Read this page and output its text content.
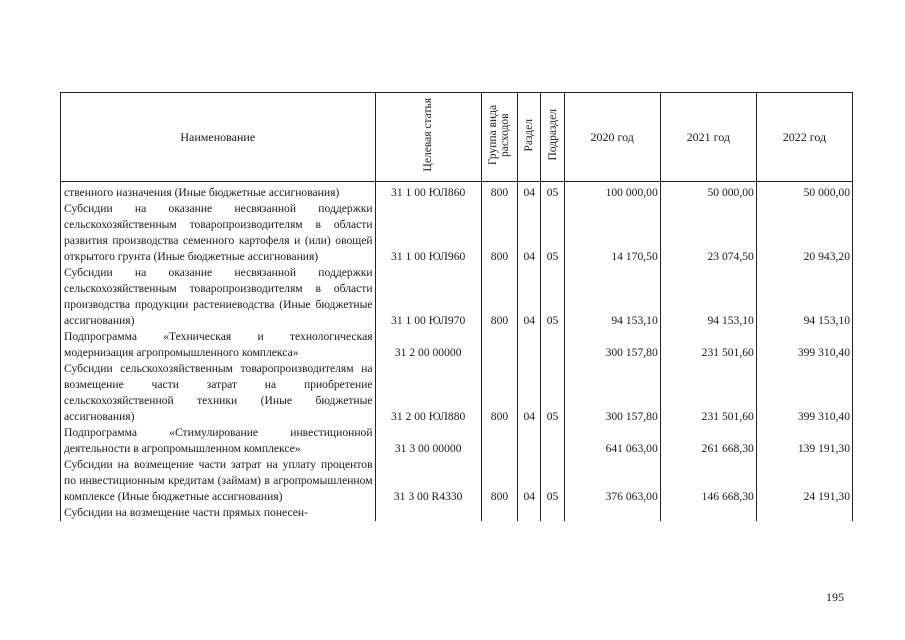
Наименование	Целевая статья	Группа вида расходов	Раздел	Подраздел	2020 год	2021 год	2022 год
ственного назначения (Иные бюджетные ассигнования)	31 1 00 ЮЛ860	800	04	05	100 000,00	50 000,00	50 000,00
Субсидии на оказание несвязанной поддержки сельскохозяйственным товаропроизводителям в области развития производства семенного картофеля и (или) овощей открытого грунта (Иные бюджетные ассигнования)	31 1 00 ЮЛ960	800	04	05	14 170,50	23 074,50	20 943,20
Субсидии на оказание несвязанной поддержки сельскохозяйственным товаропроизводителям в области производства продукции растениеводства (Иные бюджетные ассигнования)	31 1 00 ЮЛ970	800	04	05	94 153,10	94 153,10	94 153,10
Подпрограмма «Техническая и технологическая модернизация агропромышленного комплекса»	31 2 00 00000				300 157,80	231 501,60	399 310,40
Субсидии сельскохозяйственным товаропроизводителям на возмещение части затрат на приобретение сельскохозяйственной техники (Иные бюджетные ассигнования)	31 2 00 ЮЛ880	800	04	05	300 157,80	231 501,60	399 310,40
Подпрограмма «Стимулирование инвестиционной деятельности в агропромышленном комплексе»	31 3 00 00000				641 063,00	261 668,30	139 191,30
Субсидии на возмещение части затрат на уплату процентов по инвестиционным кредитам (займам) в агропромышленном комплексе (Иные бюджетные ассигнования)	31 3 00 R4330	800	04	05	376 063,00	146 668,30	24 191,30
Субсидии на возмещение части прямых понесен-							
195
